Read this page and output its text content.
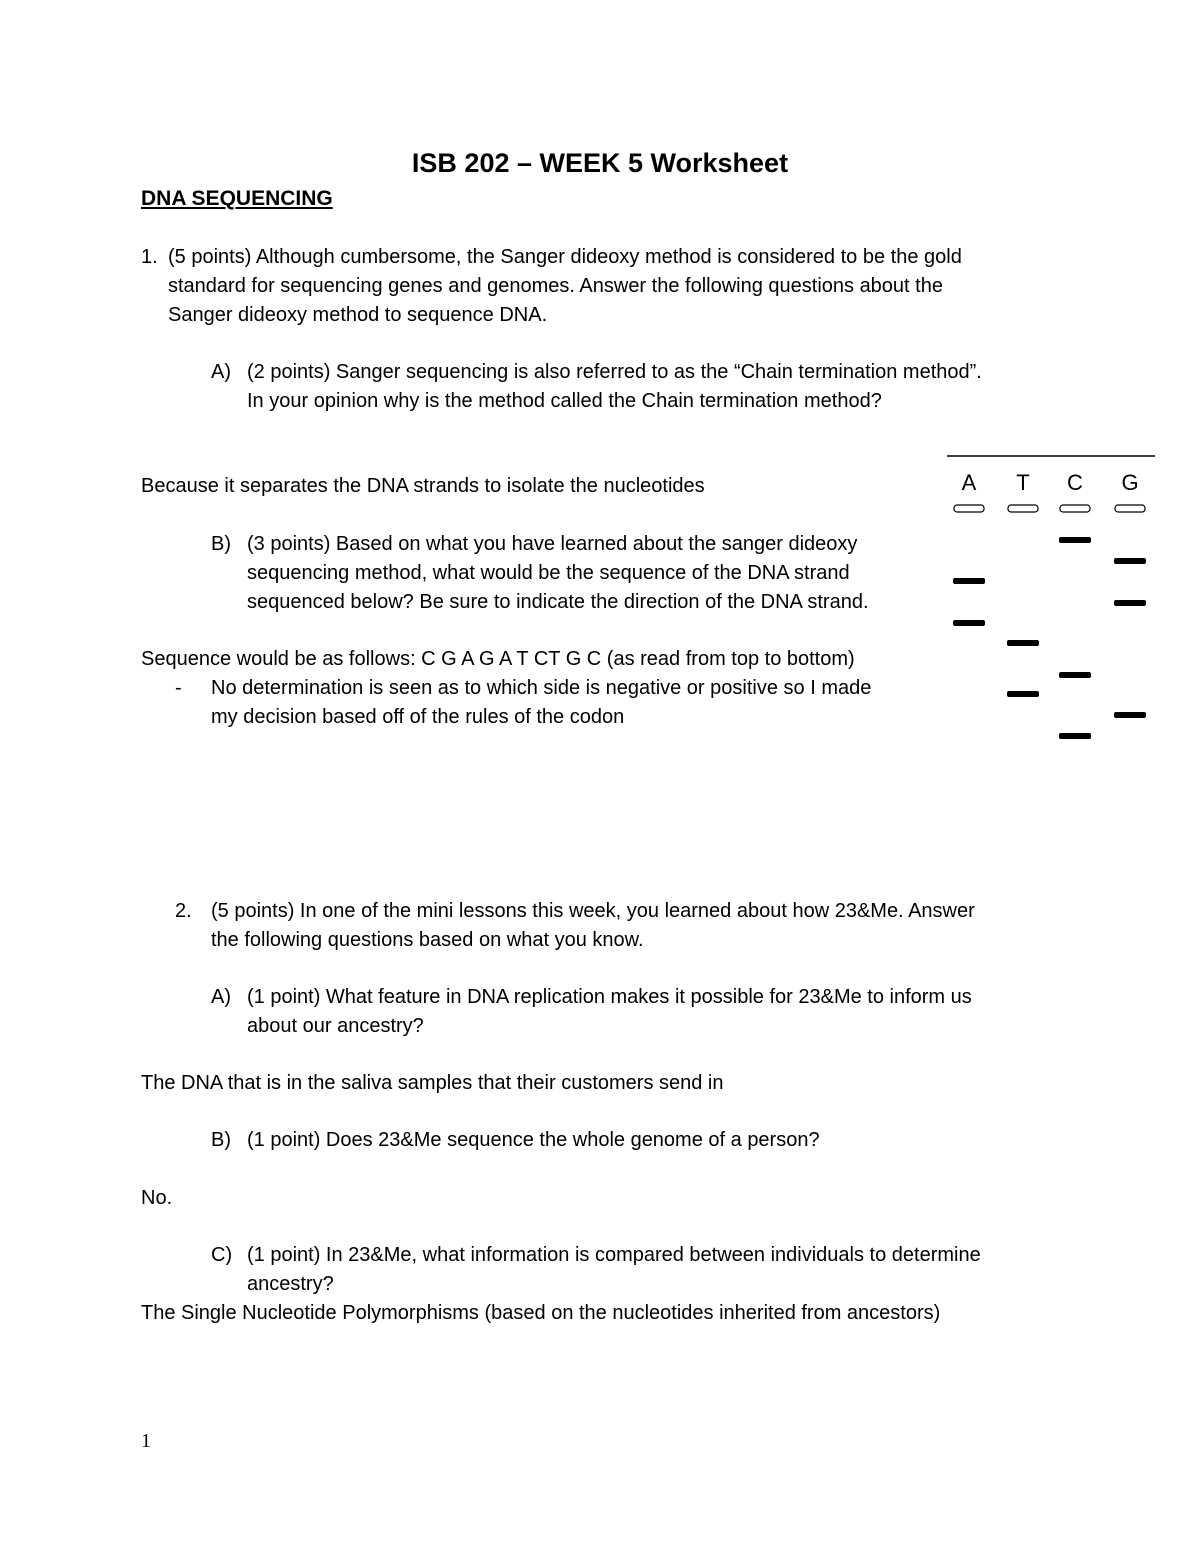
ISB 202 – WEEK 5 Worksheet
DNA SEQUENCING
1. (5 points) Although cumbersome, the Sanger dideoxy method is considered to be the gold
standard for sequencing genes and genomes. Answer the following questions about the
Sanger dideoxy method to sequence DNA.
A) (2 points) Sanger sequencing is also referred to as the “Chain termination method”.
In your opinion why is the method called the Chain termination method?
Because it separates the DNA strands to isolate the nucleotides
B) (3 points) Based on what you have learned about the sanger dideoxy
sequencing method, what would be the sequence of the DNA strand
sequenced below? Be sure to indicate the direction of the DNA strand.
Sequence would be as follows: C G A G A T CT G C (as read from top to bottom)
- No determination is seen as to which side is negative or positive so I made
my decision based off of the rules of the codon
A T C G
2. (5 points) In one of the mini lessons this week, you learned about how 23&Me. Answer
the following questions based on what you know.
A) (1 point) What feature in DNA replication makes it possible for 23&Me to inform us
about our ancestry?
The DNA that is in the saliva samples that their customers send in
B) (1 point) Does 23&Me sequence the whole genome of a person?
No.
C) (1 point) In 23&Me, what information is compared between individuals to determine
ancestry?
The Single Nucleotide Polymorphisms (based on the nucleotides inherited from ancestors)
1
